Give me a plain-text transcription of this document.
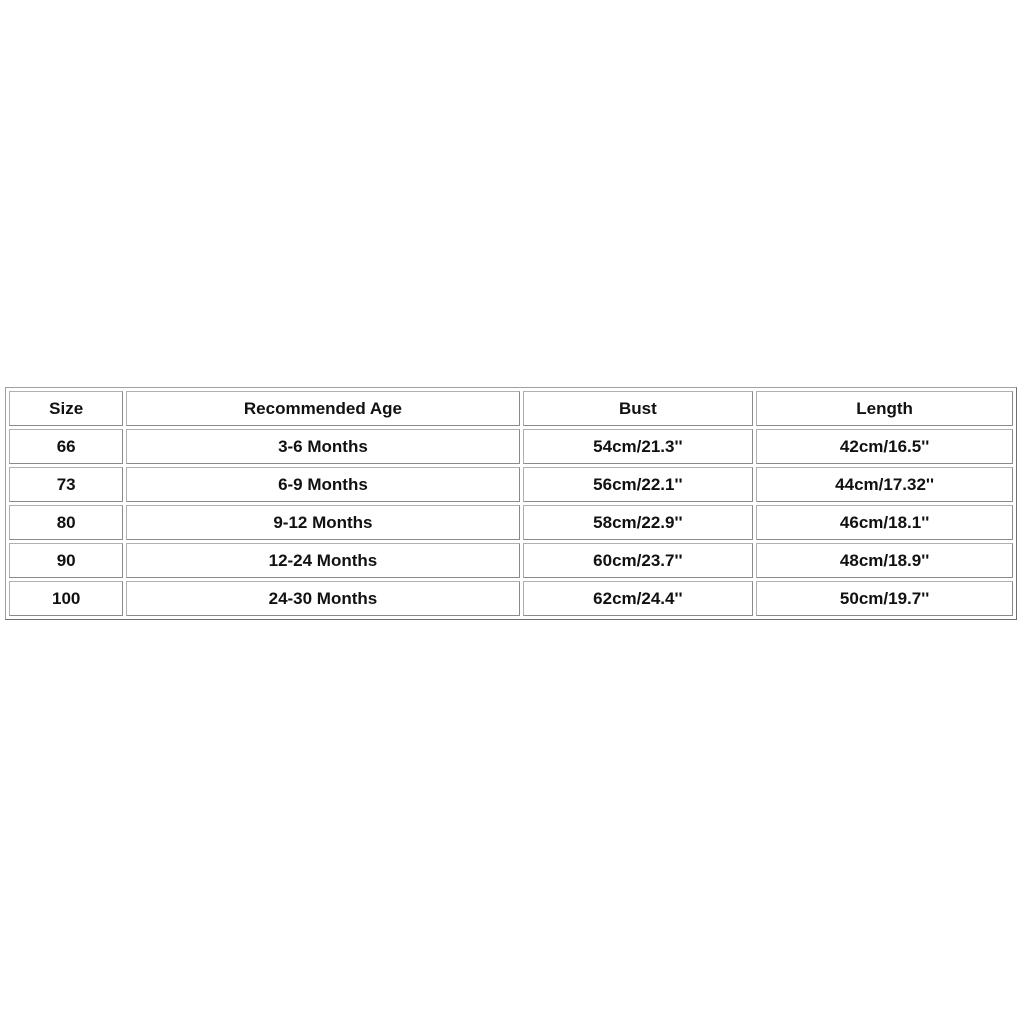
Size	Recommended Age	Bust	Length
66	3-6 Months	54cm/21.3''	42cm/16.5''
73	6-9 Months	56cm/22.1''	44cm/17.32''
80	9-12 Months	58cm/22.9''	46cm/18.1''
90	12-24 Months	60cm/23.7''	48cm/18.9''
100	24-30 Months	62cm/24.4''	50cm/19.7''
